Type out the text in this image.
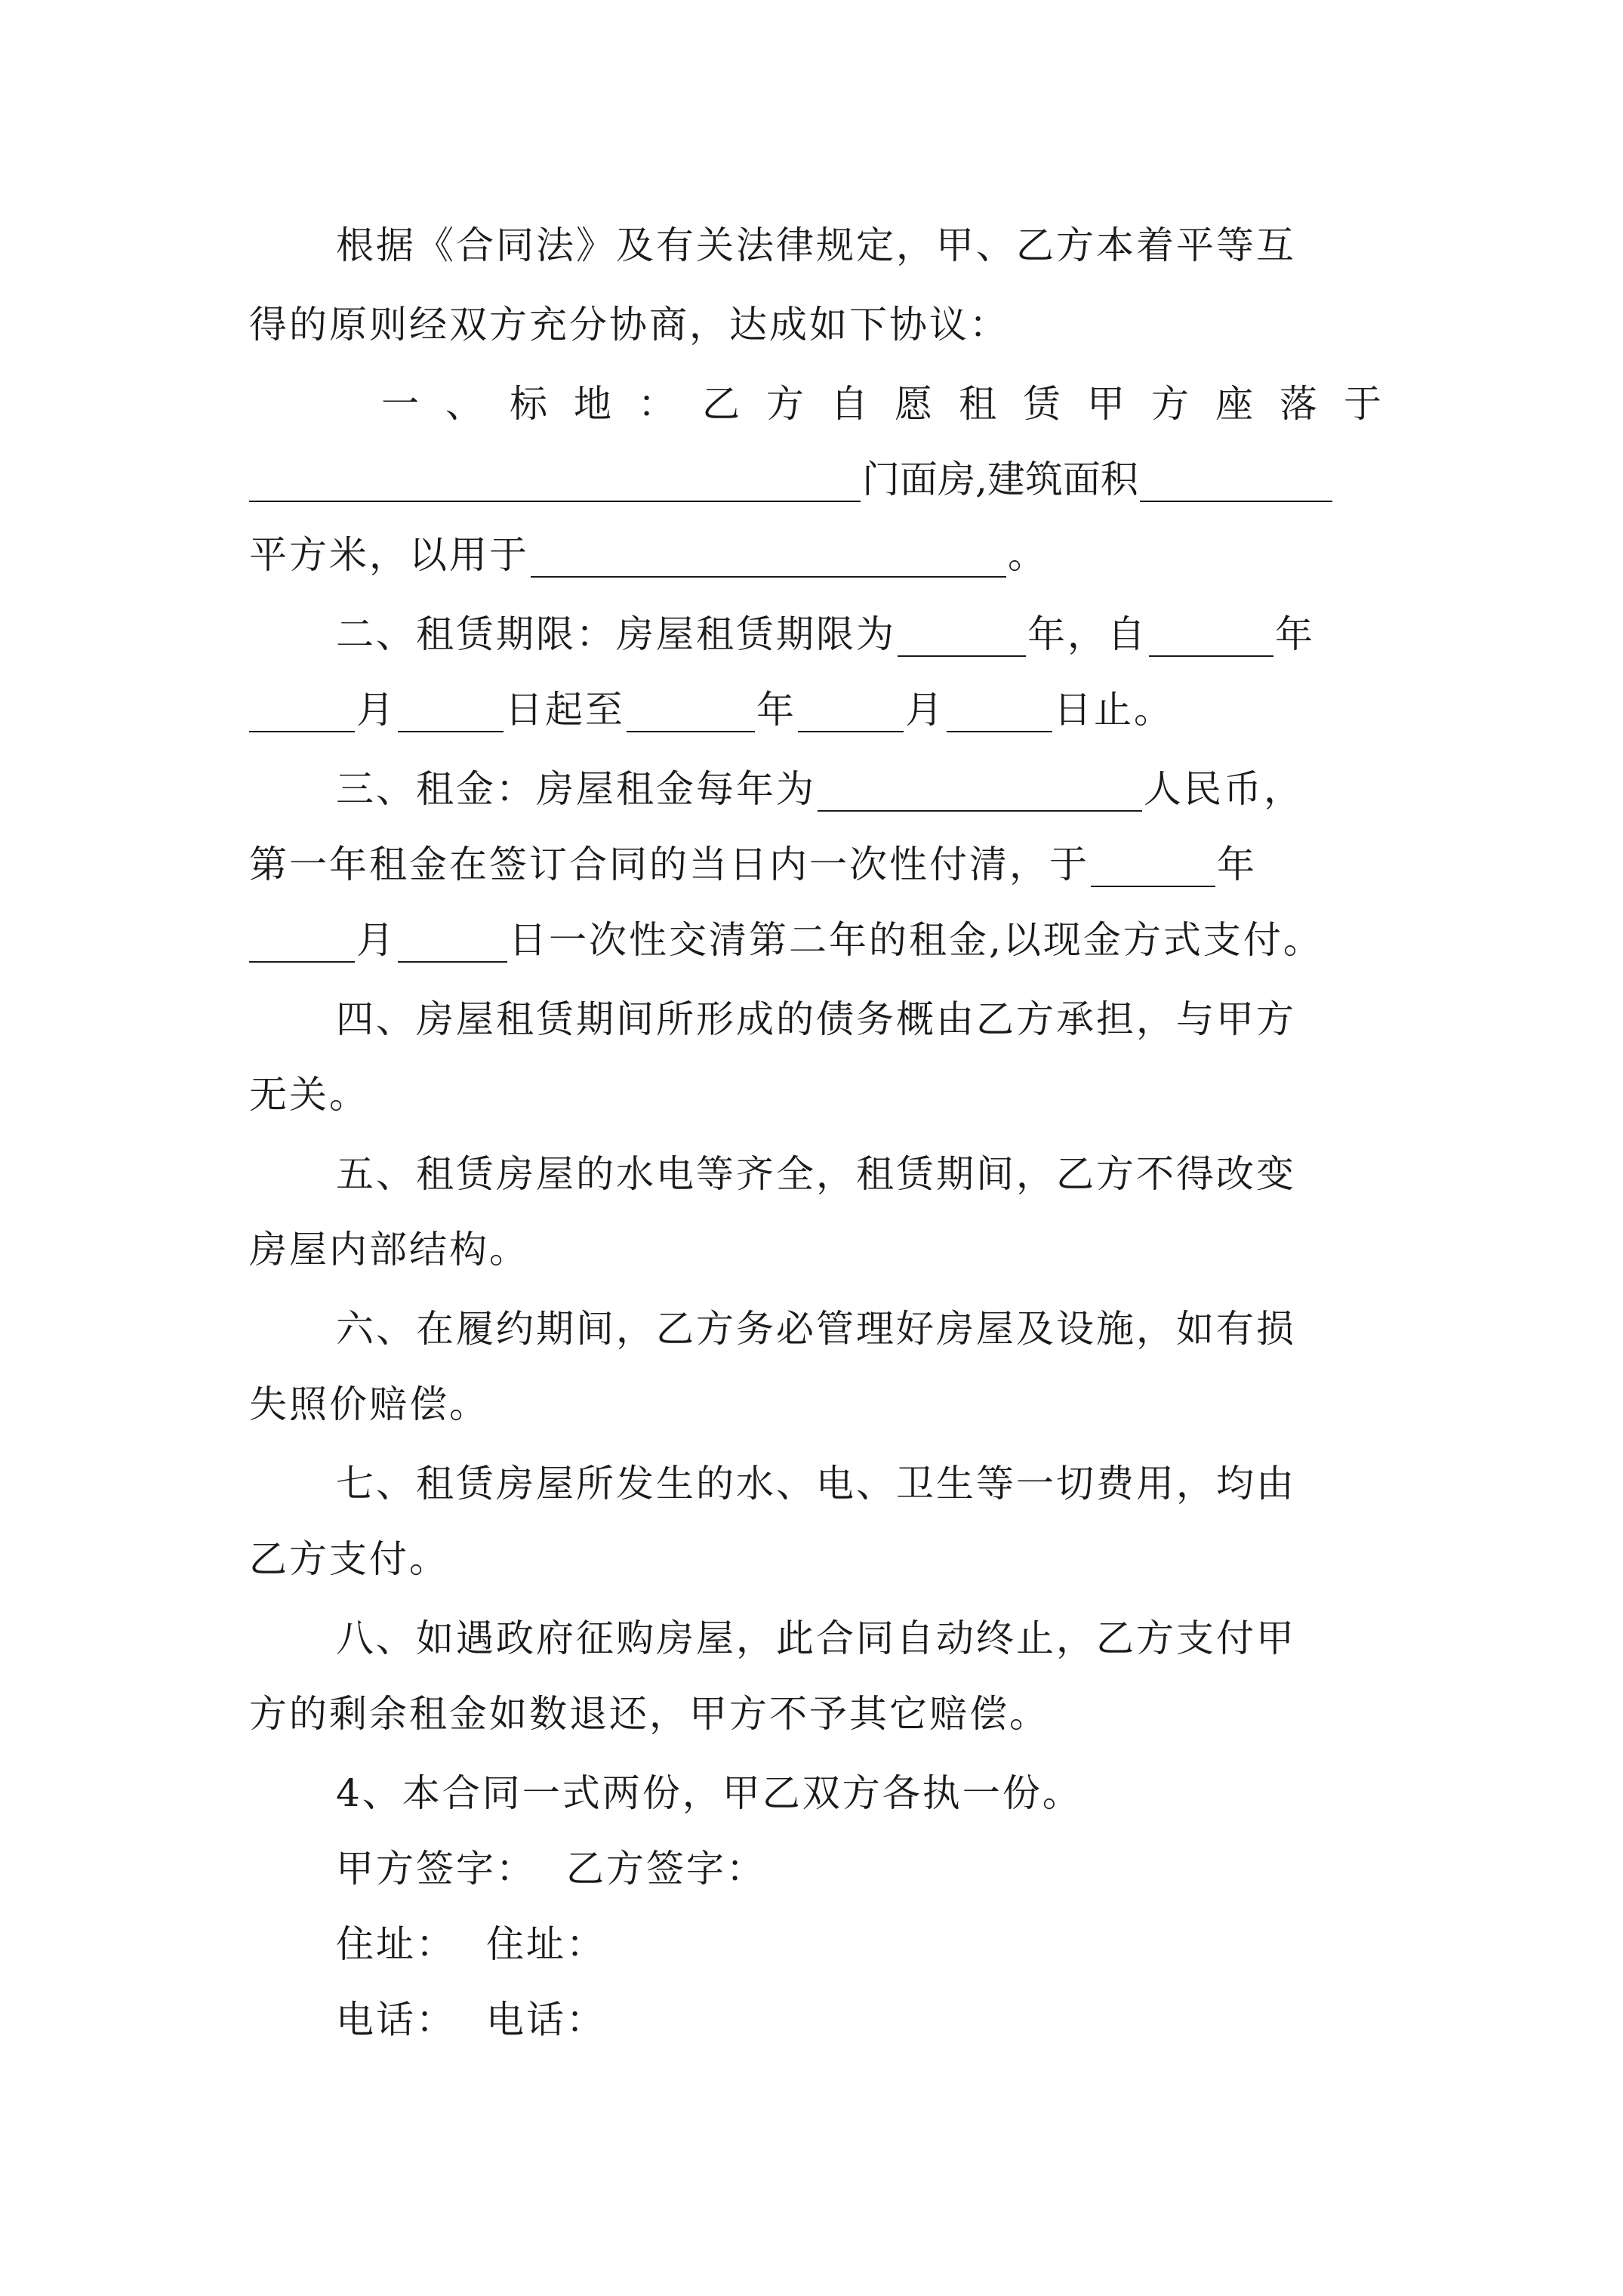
根据《合同法》及有关法律规定，甲、乙方本着平等互
得的原则经双方充分协商，达成如下协议：
一 、 标 地 ： 乙 方 自 愿 租 赁 甲 方 座 落 于
门面房,建筑面积
平方米，以用于	。
二、租赁期限：房屋租赁期限为	年，自	年
月	日起至	年	月	日止。
三、租金：房屋租金每年为	人民币，
第一年租金在签订合同的当日内一次性付清，于	年
月	日一次性交清第二年的租金,以现金方式支付。
四、房屋租赁期间所形成的债务概由乙方承担，与甲方
无关。
五、租赁房屋的水电等齐全，租赁期间，乙方不得改变
房屋内部结构。
六、在履约期间，乙方务必管理好房屋及设施，如有损
失照价赔偿。
七、租赁房屋所发生的水、电、卫生等一切费用，均由
乙方支付。
八、如遇政府征购房屋，此合同自动终止，乙方支付甲
方的剩余租金如数退还，甲方不予其它赔偿。
4、本合同一式两份，甲乙双方各执一份。
甲方签字： 乙方签字：
住址： 住址：
电话： 电话：
